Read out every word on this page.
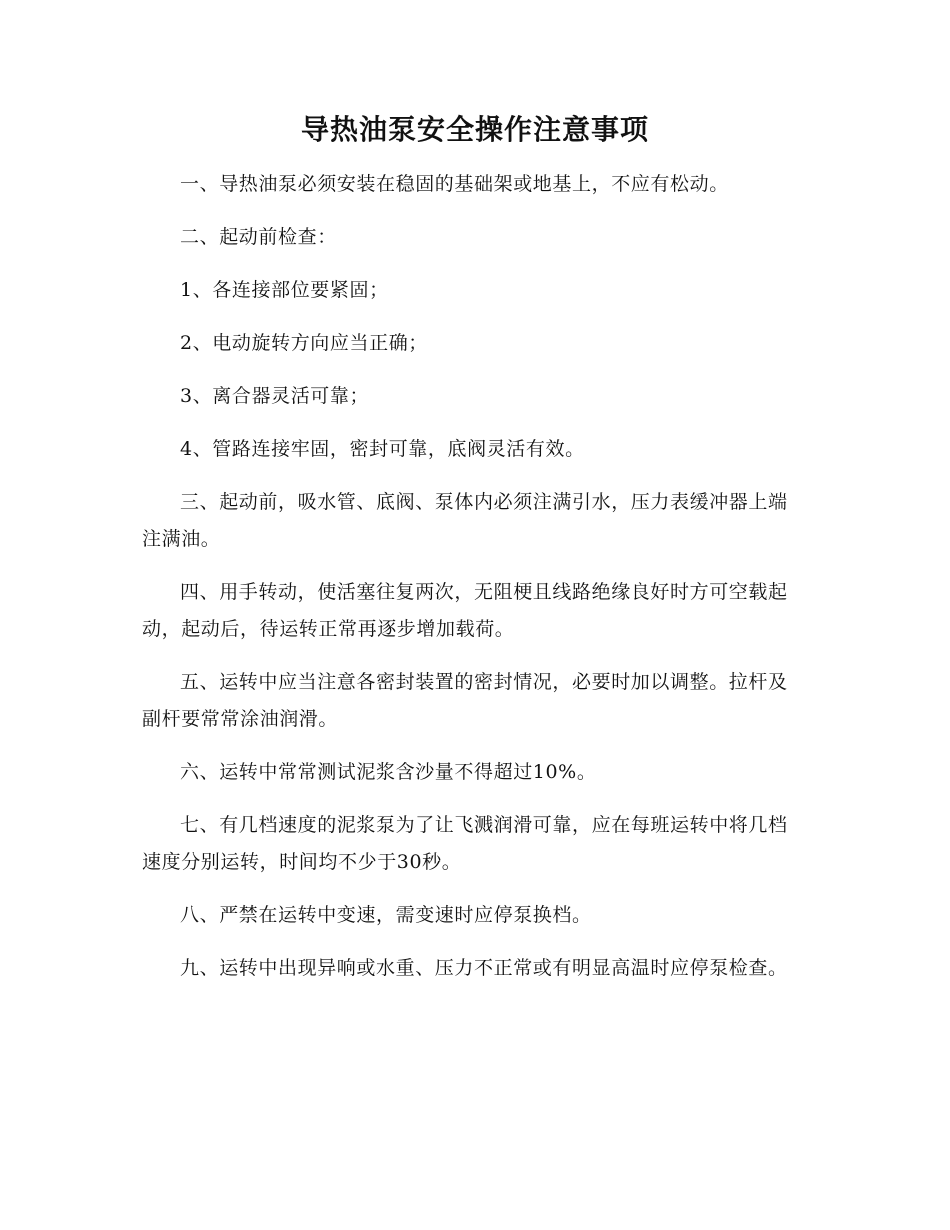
导热油泵安全操作注意事项

一、导热油泵必须安装在稳固的基础架或地基上，不应有松动。

二、起动前检查：

1、各连接部位要紧固；

2、电动旋转方向应当正确；

3、离合器灵活可靠；

4、管路连接牢固，密封可靠，底阀灵活有效。

三、起动前，吸水管、底阀、泵体内必须注满引水，压力表缓冲器上端注满油。

四、用手转动，使活塞往复两次，无阻梗且线路绝缘良好时方可空载起动，起动后，待运转正常再逐步增加载荷。

五、运转中应当注意各密封装置的密封情况，必要时加以调整。拉杆及副杆要常常涂油润滑。

六、运转中常常测试泥浆含沙量不得超过10%。

七、有几档速度的泥浆泵为了让飞溅润滑可靠，应在每班运转中将几档速度分别运转，时间均不少于30秒。

八、严禁在运转中变速，需变速时应停泵换档。

九、运转中出现异响或水重、压力不正常或有明显高温时应停泵检查。
